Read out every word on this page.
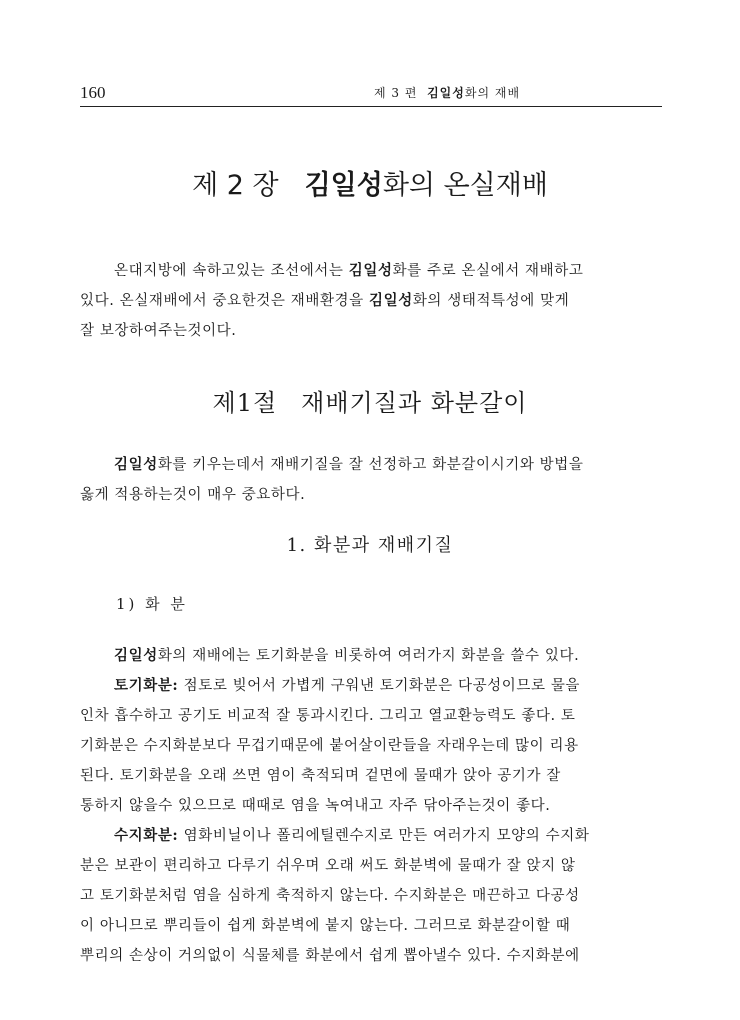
160	제 3 편 김일성화의 재배
제 2 장 김일성화의 온실재배
온대지방에 속하고있는 조선에서는 김일성화를 주로 온실에서 재배하고
있다. 온실재배에서 중요한것은 재배환경을 김일성화의 생태적특성에 맞게
잘 보장하여주는것이다.
제1절 재배기질과 화분갈이
김일성화를 키우는데서 재배기질을 잘 선정하고 화분갈이시기와 방법을
옳게 적용하는것이 매우 중요하다.
1. 화분과 재배기질
1) 화 분
김일성화의 재배에는 토기화분을 비롯하여 여러가지 화분을 쓸수 있다.
토기화분: 점토로 빚어서 가볍게 구워낸 토기화분은 다공성이므로 물을
인차 흡수하고 공기도 비교적 잘 통과시킨다. 그리고 열교환능력도 좋다. 토
기화분은 수지화분보다 무겁기때문에 붙어살이란들을 자래우는데 많이 리용
된다. 토기화분을 오래 쓰면 염이 축적되며 겉면에 물때가 앉아 공기가 잘
통하지 않을수 있으므로 때때로 염을 녹여내고 자주 닦아주는것이 좋다.
수지화분: 염화비닐이나 폴리에틸렌수지로 만든 여러가지 모양의 수지화
분은 보관이 편리하고 다루기 쉬우며 오래 써도 화분벽에 물때가 잘 앉지 않
고 토기화분처럼 염을 심하게 축적하지 않는다. 수지화분은 매끈하고 다공성
이 아니므로 뿌리들이 쉽게 화분벽에 붙지 않는다. 그러므로 화분갈이할 때
뿌리의 손상이 거의없이 식물체를 화분에서 쉽게 뽑아낼수 있다. 수지화분에
